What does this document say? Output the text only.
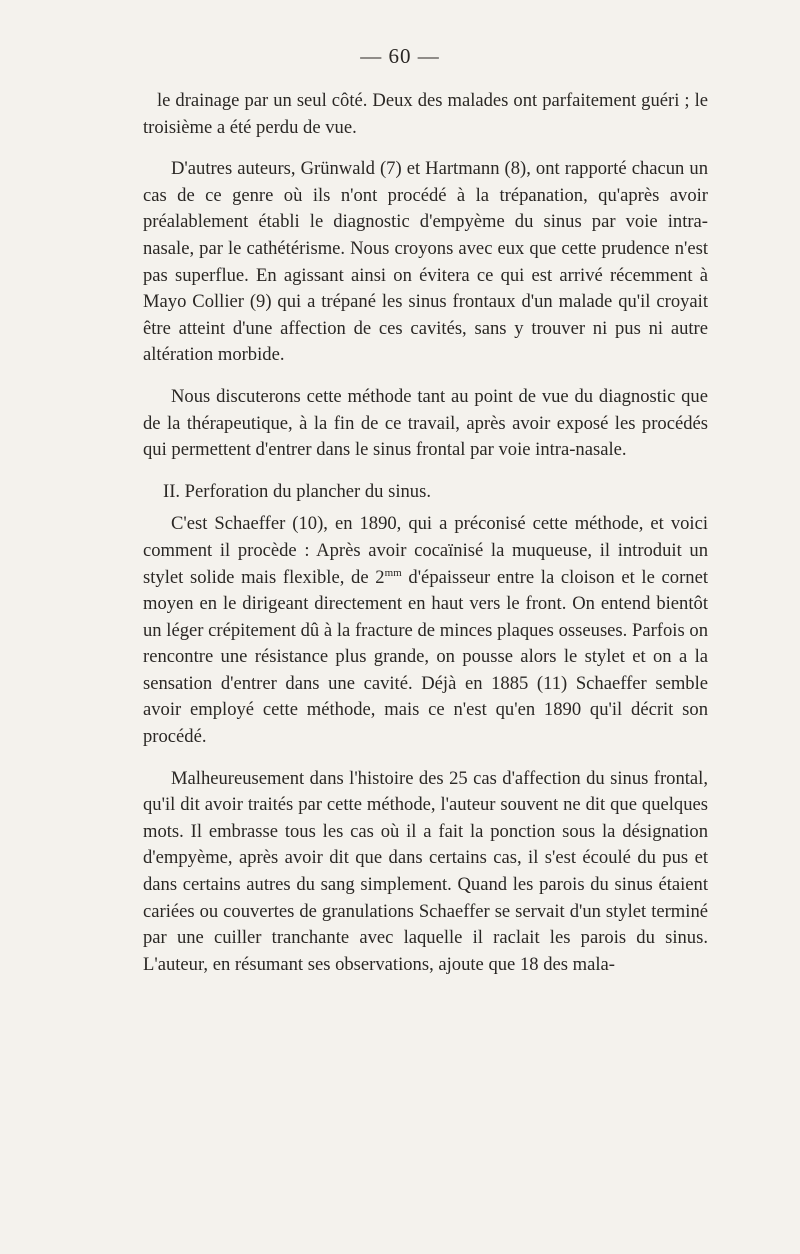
— 60 —

le drainage par un seul côté. Deux des malades ont parfaitement guéri ; le troisième a été perdu de vue.

D'autres auteurs, Grünwald (7) et Hartmann (8), ont rapporté chacun un cas de ce genre où ils n'ont procédé à la trépanation, qu'après avoir préalablement établi le diagnostic d'empyème du sinus par voie intra-nasale, par le cathétérisme. Nous croyons avec eux que cette prudence n'est pas superflue. En agissant ainsi on évitera ce qui est arrivé récemment à Mayo Collier (9) qui a trépané les sinus frontaux d'un malade qu'il croyait être atteint d'une affection de ces cavités, sans y trouver ni pus ni autre altération morbide.

Nous discuterons cette méthode tant au point de vue du diagnostic que de la thérapeutique, à la fin de ce travail, après avoir exposé les procédés qui permettent d'entrer dans le sinus frontal par voie intra-nasale.

II. Perforation du plancher du sinus.

C'est Schaeffer (10), en 1890, qui a préconisé cette méthode, et voici comment il procède : Après avoir cocaïnisé la muqueuse, il introduit un stylet solide mais flexible, de $2^{mm}$ d'épaisseur entre la cloison et le cornet moyen en le dirigeant directement en haut vers le front. On entend bientôt un léger crépitement dû à la fracture de minces plaques osseuses. Parfois on rencontre une résistance plus grande, on pousse alors le stylet et on a la sensation d'entrer dans une cavité. Déjà en 1885 (11) Schaeffer semble avoir employé cette méthode, mais ce n'est qu'en 1890 qu'il décrit son procédé.

Malheureusement dans l'histoire des 25 cas d'affection du sinus frontal, qu'il dit avoir traités par cette méthode, l'auteur souvent ne dit que quelques mots. Il embrasse tous les cas où il a fait la ponction sous la désignation d'empyème, après avoir dit que dans certains cas, il s'est écoulé du pus et dans certains autres du sang simplement. Quand les parois du sinus étaient cariées ou couvertes de granulations Schaeffer se servait d'un stylet terminé par une cuiller tranchante avec laquelle il raclait les parois du sinus. L'auteur, en résumant ses observations, ajoute que 18 des mala-
